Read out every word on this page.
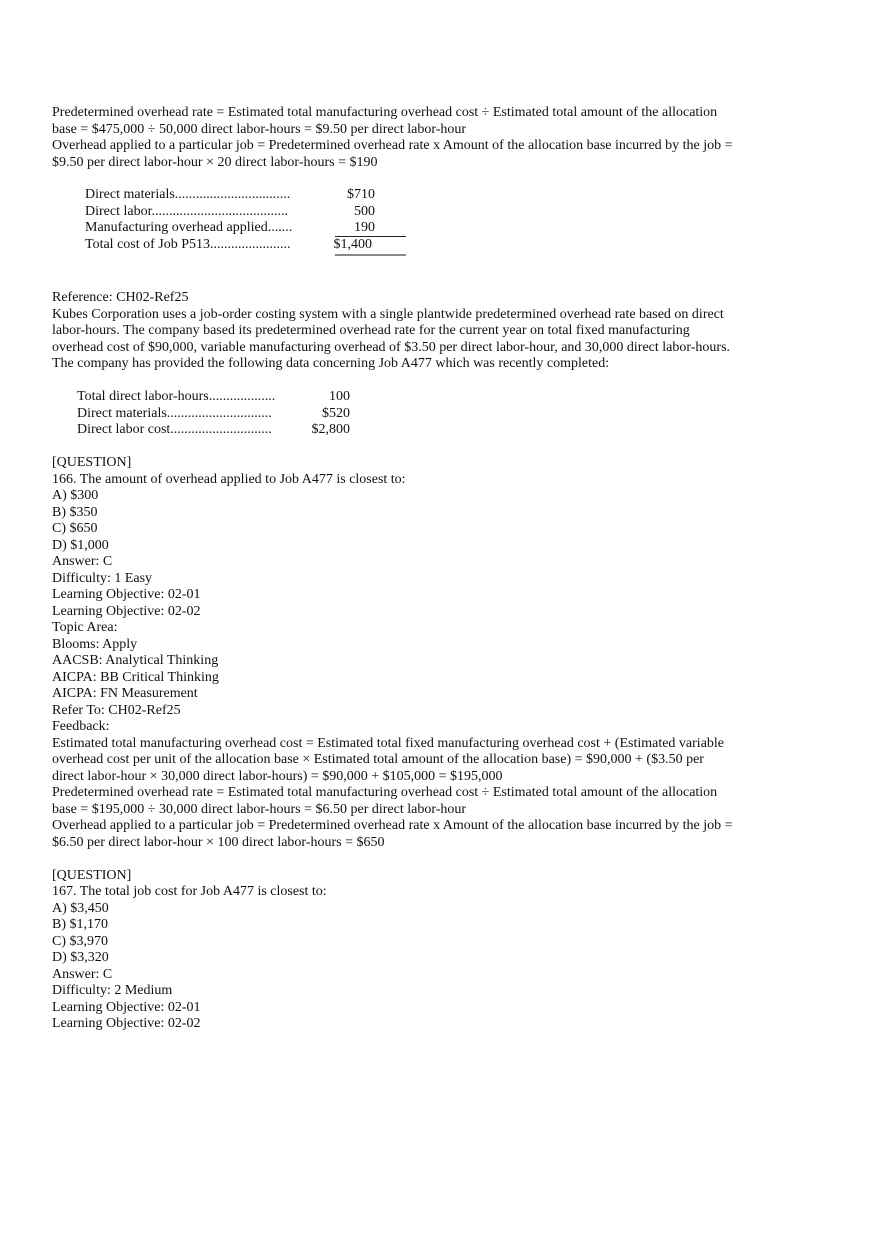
Predetermined overhead rate = Estimated total manufacturing overhead cost ÷ Estimated total amount of the allocation
base = $475,000 ÷ 50,000 direct labor-hours = $9.50 per direct labor-hour
Overhead applied to a particular job = Predetermined overhead rate x Amount of the allocation base incurred by the job =
$9.50 per direct labor-hour × 20 direct labor-hours = $190
Direct materials.................................	$710
Direct labor.......................................	500
Manufacturing overhead applied.......	190
Total cost of Job P513.......................	$1,400
Reference: CH02-Ref25
Kubes Corporation uses a job-order costing system with a single plantwide predetermined overhead rate based on direct
labor-hours. The company based its predetermined overhead rate for the current year on total fixed manufacturing
overhead cost of $90,000, variable manufacturing overhead of $3.50 per direct labor-hour, and 30,000 direct labor-hours.
The company has provided the following data concerning Job A477 which was recently completed:
Total direct labor-hours...................	100
Direct materials..............................	$520
Direct labor cost.............................	$2,800
[QUESTION]
166. The amount of overhead applied to Job A477 is closest to:
A) $300
B) $350
C) $650
D) $1,000
Answer: C
Difficulty: 1 Easy
Learning Objective: 02-01
Learning Objective: 02-02
Topic Area:
Blooms: Apply
AACSB: Analytical Thinking
AICPA: BB Critical Thinking
AICPA: FN Measurement
Refer To: CH02-Ref25
Feedback:
Estimated total manufacturing overhead cost = Estimated total fixed manufacturing overhead cost + (Estimated variable
overhead cost per unit of the allocation base × Estimated total amount of the allocation base) = $90,000 + ($3.50 per
direct labor-hour × 30,000 direct labor-hours) = $90,000 + $105,000 = $195,000
Predetermined overhead rate = Estimated total manufacturing overhead cost ÷ Estimated total amount of the allocation
base = $195,000 ÷ 30,000 direct labor-hours = $6.50 per direct labor-hour
Overhead applied to a particular job = Predetermined overhead rate x Amount of the allocation base incurred by the job =
$6.50 per direct labor-hour × 100 direct labor-hours = $650
[QUESTION]
167. The total job cost for Job A477 is closest to:
A) $3,450
B) $1,170
C) $3,970
D) $3,320
Answer: C
Difficulty: 2 Medium
Learning Objective: 02-01
Learning Objective: 02-02
